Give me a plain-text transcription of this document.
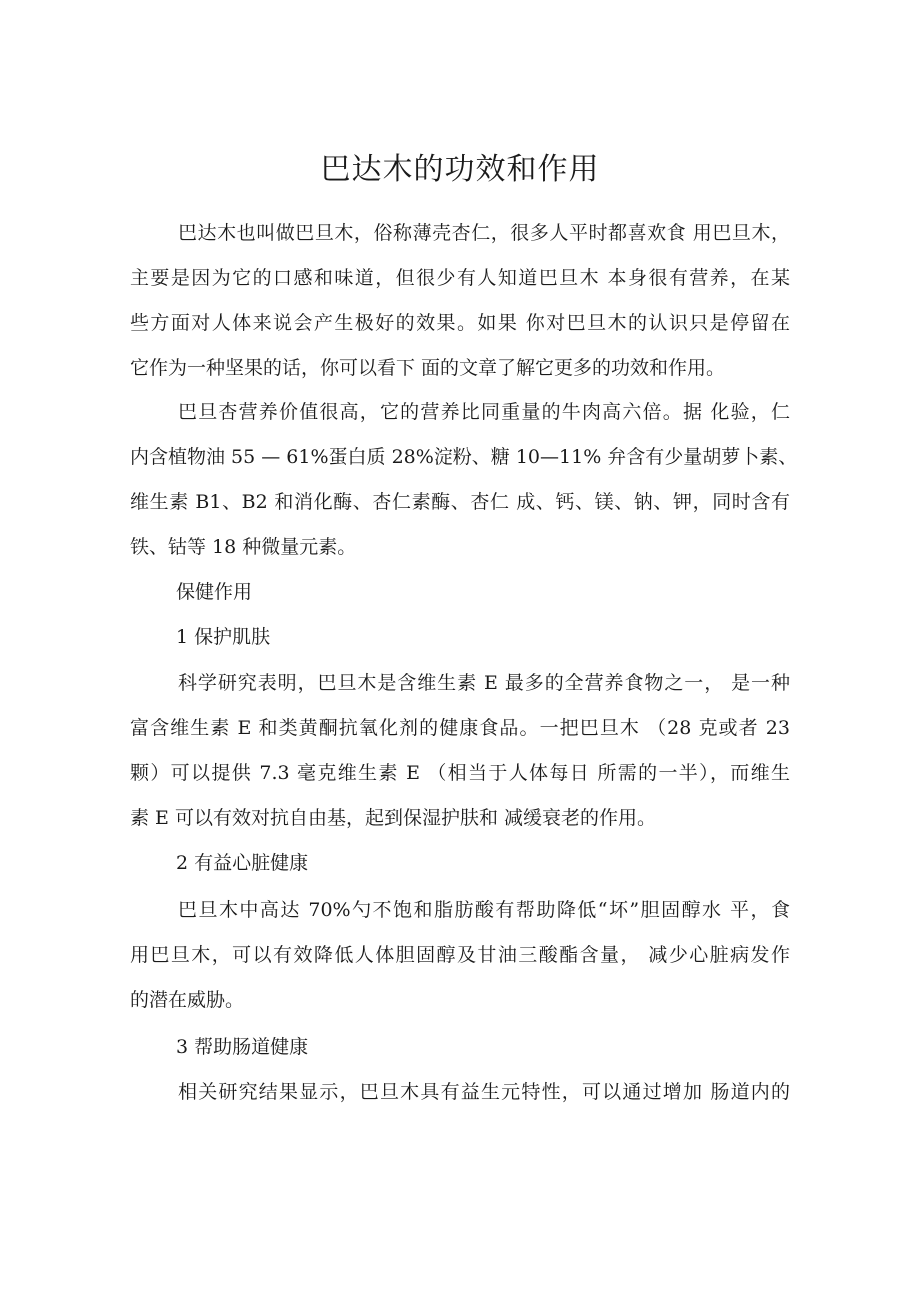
巴达木的功效和作用
巴达木也叫做巴旦木，俗称薄壳杏仁，很多人平时都喜欢食 用巴旦木，
主要是因为它的口感和味道，但很少有人知道巴旦木 本身很有营养，在某
些方面对人体来说会产生极好的效果。如果 你对巴旦木的认识只是停留在
它作为一种坚果的话，你可以看下 面的文章了解它更多的功效和作用。
巴旦杏营养价值很高，它的营养比同重量的牛肉高六倍。据 化验，仁
内含植物油 55 — 61%蛋白质 28%淀粉、糖 10—11% 弁含有少量胡萝卜素、
维生素 B1、B2 和消化酶、杏仁素酶、杏仁 成、钙、镁、钠、钾，同时含有
铁、钴等 18 种微量元素。
保健作用
1 保护肌肤
科学研究表明，巴旦木是含维生素 E 最多的全营养食物之一， 是一种
富含维生素 E 和类黄酮抗氧化剂的健康食品。一把巴旦木 （28 克或者 23
颗）可以提供 7.3 毫克维生素 E （相当于人体每日 所需的一半），而维生
素 E 可以有效对抗自由基，起到保湿护肤和 减缓衰老的作用。
2 有益心脏健康
巴旦木中高达 70%勺不饱和脂肪酸有帮助降低“坏”胆固醇水 平，食
用巴旦木，可以有效降低人体胆固醇及甘油三酸酯含量， 减少心脏病发作
的潜在威胁。
3 帮助肠道健康
相关研究结果显示，巴旦木具有益生元特性，可以通过增加 肠道内的
